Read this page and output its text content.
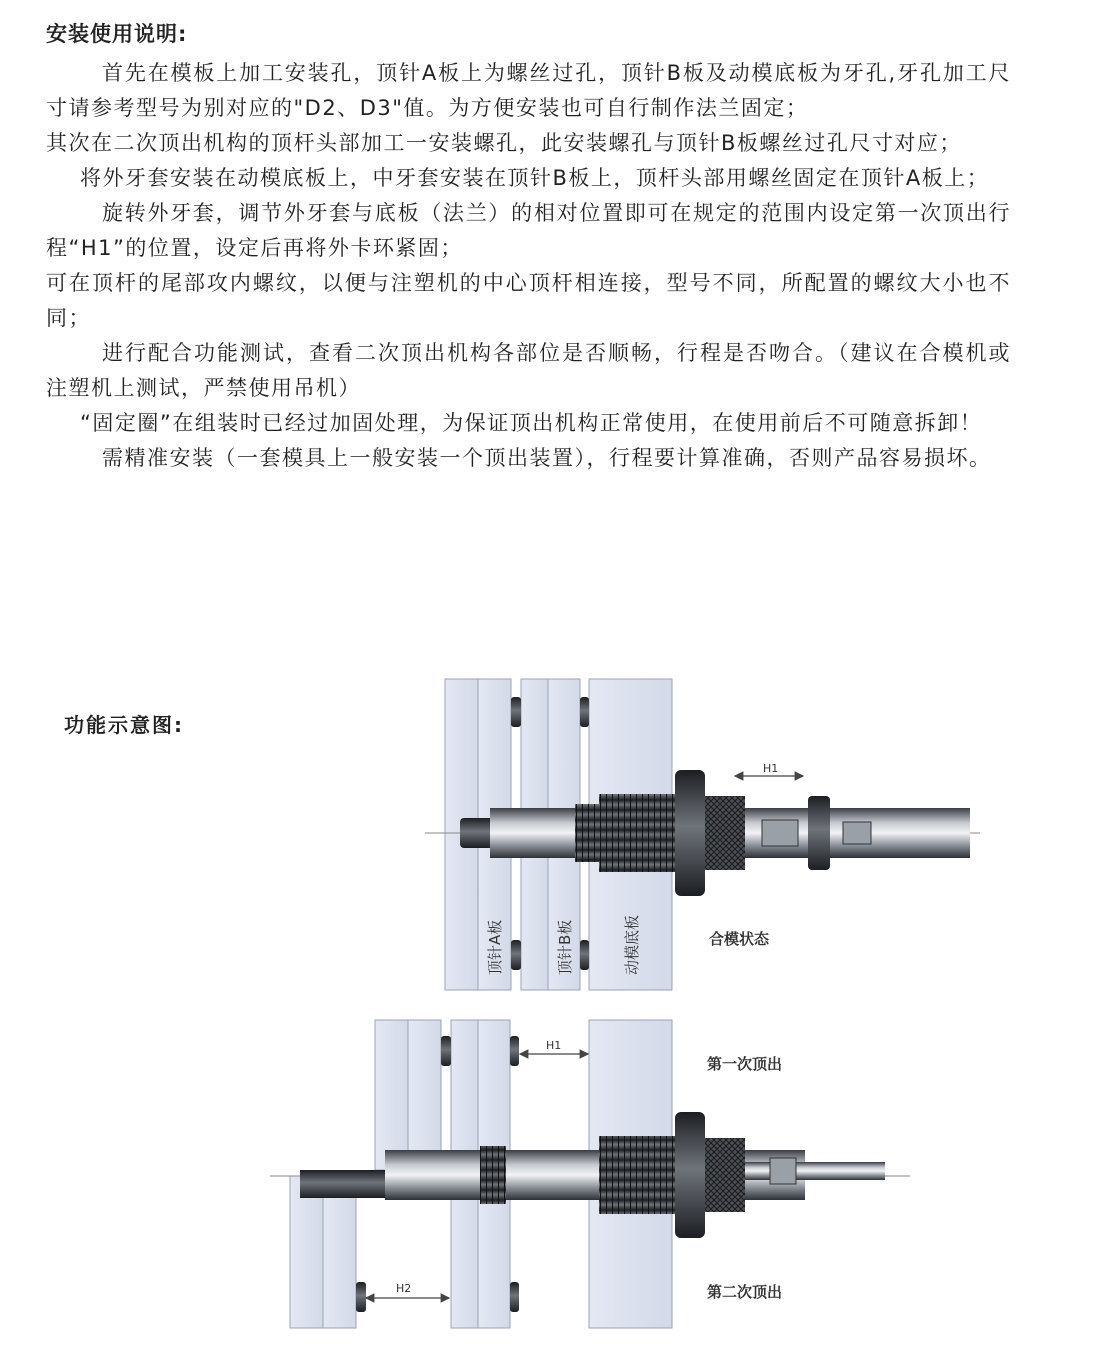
安装使用说明:

首先在模板上加工安装孔，顶针A板上为螺丝过孔，顶针B板及动模底板为牙孔,牙孔加工尺寸请参考型号为别对应的"D2、D3"值。为方便安装也可自行制作法兰固定；

其次在二次顶出机构的顶杆头部加工一安装螺孔，此安装螺孔与顶针B板螺丝过孔尺寸对应；

将外牙套安装在动模底板上，中牙套安装在顶针B板上，顶杆头部用螺丝固定在顶针A板上；

旋转外牙套，调节外牙套与底板（法兰）的相对位置即可在规定的范围内设定第一次顶出行程“H1”的位置，设定后再将外卡环紧固；

可在顶杆的尾部攻内螺纹，以便与注塑机的中心顶杆相连接，型号不同，所配置的螺纹大小也不同；

进行配合功能测试，查看二次顶出机构各部位是否顺畅，行程是否吻合。（建议在合模机或注塑机上测试，严禁使用吊机）

“固定圈”在组装时已经过加固处理，为保证顶出机构正常使用，在使用前后不可随意拆卸！

需精准安装（一套模具上一般安装一个顶出装置），行程要计算准确，否则产品容易损坏。

功能示意图:
H1
顶针A板	顶针B板	动模底板	合模状态
H1
H2
第一次顶出
第二次顶出
